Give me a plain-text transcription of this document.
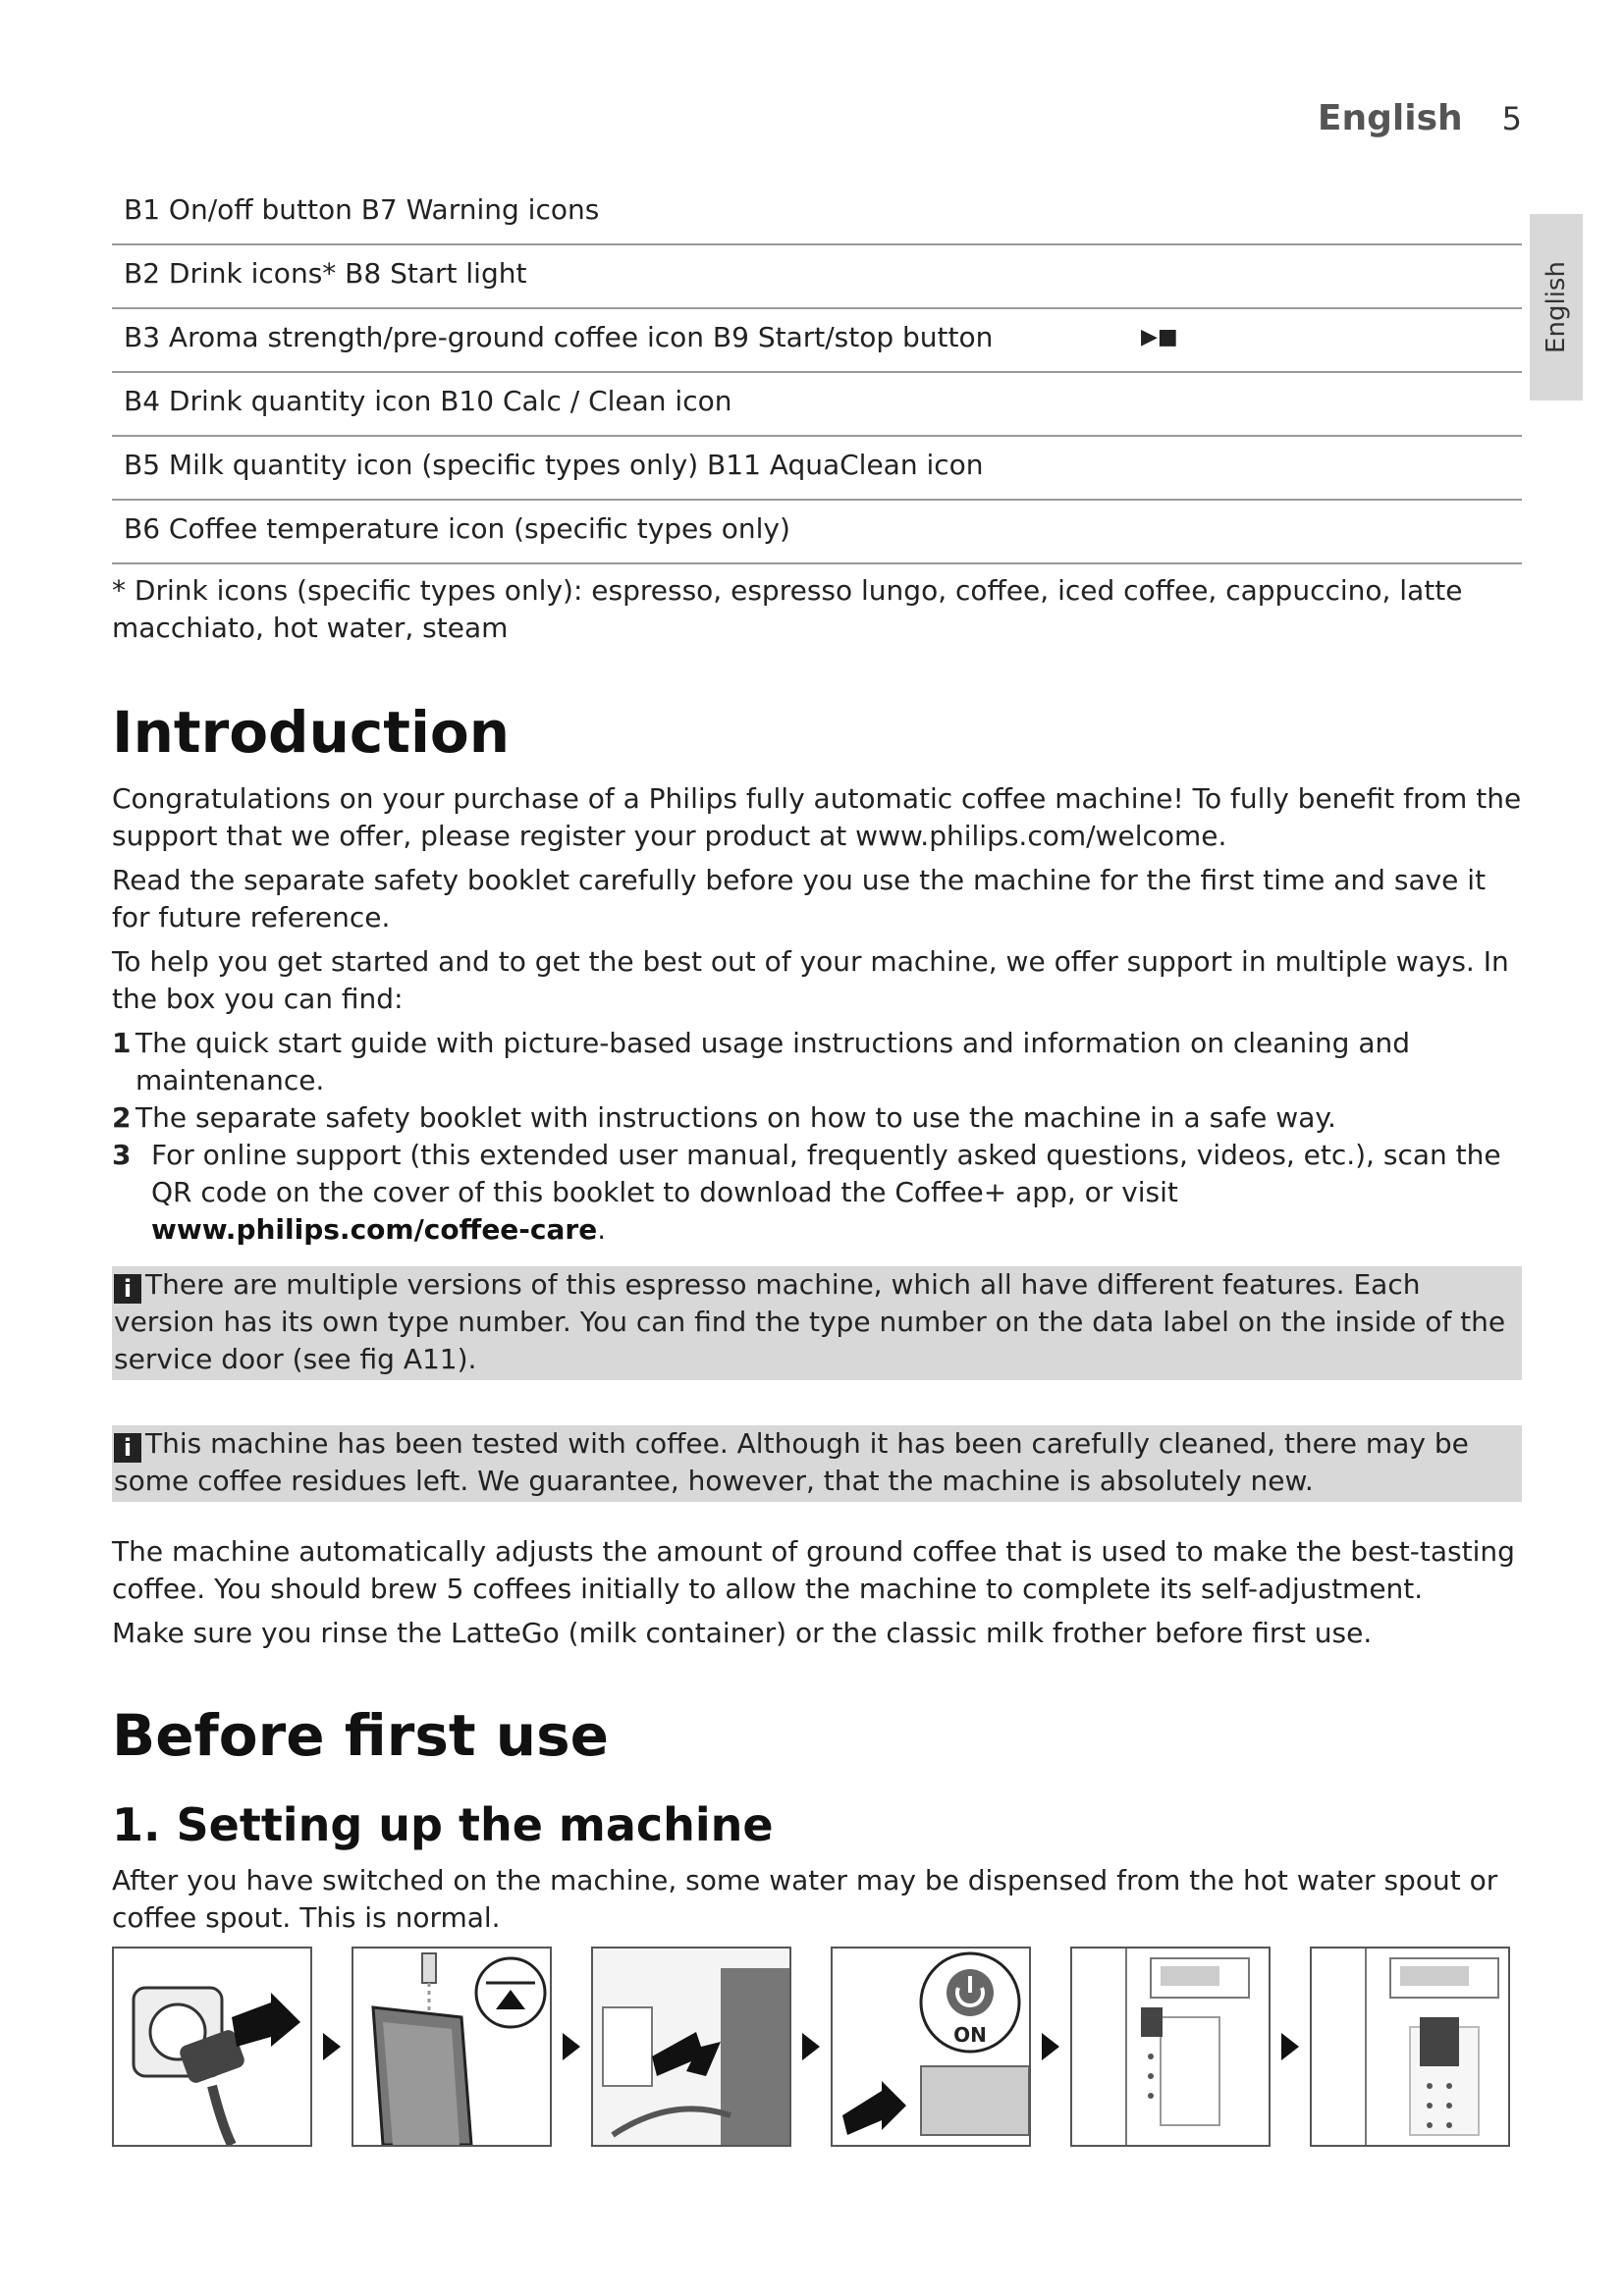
English 5
English
B1 On/off button B7 Warning icons
B2 Drink icons* B8 Start light
B3 Aroma strength/pre-ground coffee icon B9 Start/stop button	▶■
B4 Drink quantity icon B10 Calc / Clean icon
B5 Milk quantity icon (specific types only) B11 AquaClean icon
B6 Coffee temperature icon (specific types only)

* Drink icons (specific types only): espresso, espresso lungo, coffee, iced coffee, cappuccino, latte macchiato, hot water, steam

Introduction

Congratulations on your purchase of a Philips fully automatic coffee machine! To fully benefit from the support that we offer, please register your product at www.philips.com/welcome.

Read the separate safety booklet carefully before you use the machine for the first time and save it for future reference.

To help you get started and to get the best out of your machine, we offer support in multiple ways. In the box you can find:

1 The quick start guide with picture-based usage instructions and information on cleaning and maintenance.
2 The separate safety booklet with instructions on how to use the machine in a safe way.
3 For online support (this extended user manual, frequently asked questions, videos, etc.), scan the QR code on the cover of this booklet to download the Coffee+ app, or visit www.philips.com/coffee-care.
i There are multiple versions of this espresso machine, which all have different features. Each version has its own type number. You can find the type number on the data label on the inside of the service door (see fig A11).
i This machine has been tested with coffee. Although it has been carefully cleaned, there may be some coffee residues left. We guarantee, however, that the machine is absolutely new.

The machine automatically adjusts the amount of ground coffee that is used to make the best-tasting coffee. You should brew 5 coffees initially to allow the machine to complete its self-adjustment.

Make sure you rinse the LatteGo (milk container) or the classic milk frother before first use.

Before first use
1. Setting up the machine

After you have switched on the machine, some water may be dispensed from the hot water spout or coffee spout. This is normal.

ON
